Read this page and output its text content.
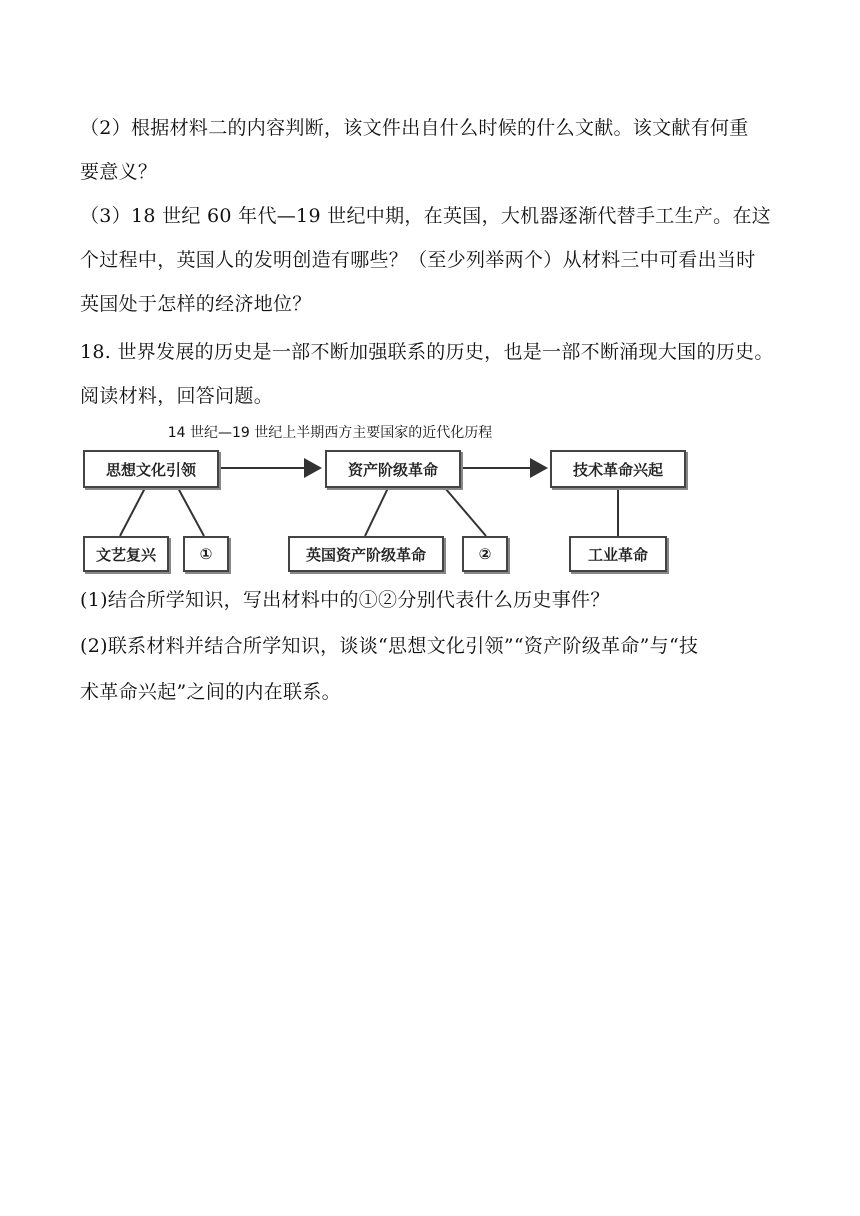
（2）根据材料二的内容判断，该文件出自什么时候的什么文献。该文献有何重
要意义？
（3）18 世纪 60 年代—19 世纪中期，在英国，大机器逐渐代替手工生产。在这
个过程中，英国人的发明创造有哪些？（至少列举两个）从材料三中可看出当时
英国处于怎样的经济地位？
18. 世界发展的历史是一部不断加强联系的历史，也是一部不断涌现大国的历史。
阅读材料，回答问题。
14 世纪—19 世纪上半期西方主要国家的近代化历程
思想文化引领	资产阶级革命	技术革命兴起
文艺复兴	①	英国资产阶级革命	②	工业革命
(1)结合所学知识，写出材料中的①②分别代表什么历史事件？
(2)联系材料并结合所学知识，谈谈“思想文化引领”“资产阶级革命”与“技
术革命兴起”之间的内在联系。
